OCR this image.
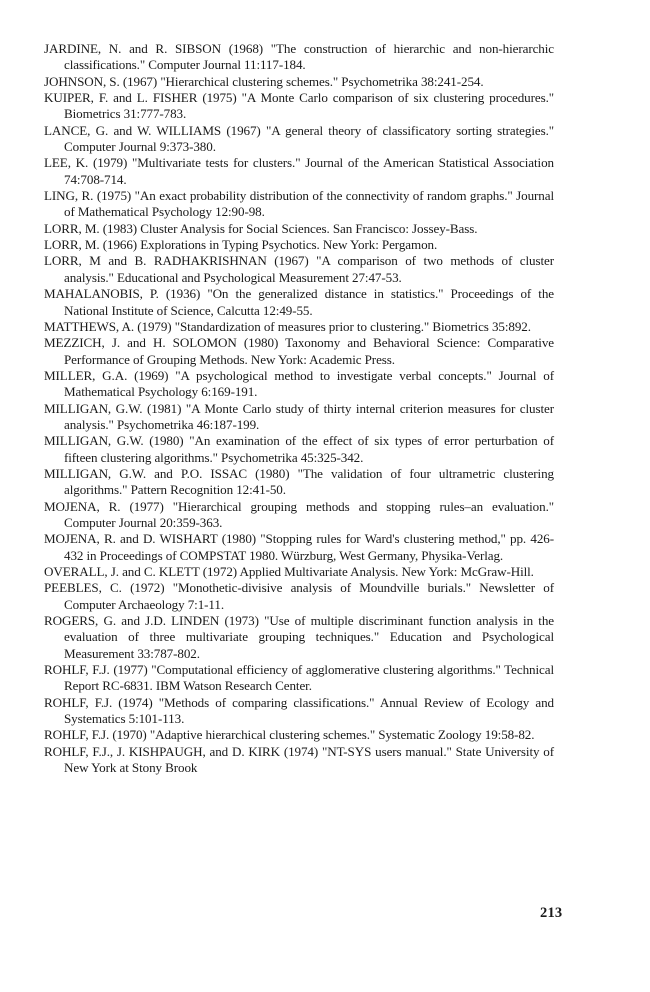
JARDINE, N. and R. SIBSON (1968) "The construction of hierarchic and non-hierarchic classifications." Computer Journal 11:117-184.
JOHNSON, S. (1967) "Hierarchical clustering schemes." Psychometrika 38:241-254.
KUIPER, F. and L. FISHER (1975) "A Monte Carlo comparison of six clustering procedures." Biometrics 31:777-783.
LANCE, G. and W. WILLIAMS (1967) "A general theory of classificatory sorting strategies." Computer Journal 9:373-380.
LEE, K. (1979) "Multivariate tests for clusters." Journal of the American Statistical Association 74:708-714.
LING, R. (1975) "An exact probability distribution of the connectivity of random graphs." Journal of Mathematical Psychology 12:90-98.
LORR, M. (1983) Cluster Analysis for Social Sciences. San Francisco: Jossey-Bass.
LORR, M. (1966) Explorations in Typing Psychotics. New York: Pergamon.
LORR, M and B. RADHAKRISHNAN (1967) "A comparison of two methods of cluster analysis." Educational and Psychological Measurement 27:47-53.
MAHALANOBIS, P. (1936) "On the generalized distance in statistics." Proceedings of the National Institute of Science, Calcutta 12:49-55.
MATTHEWS, A. (1979) "Standardization of measures prior to clustering." Biometrics 35:892.
MEZZICH, J. and H. SOLOMON (1980) Taxonomy and Behavioral Science: Comparative Performance of Grouping Methods. New York: Academic Press.
MILLER, G.A. (1969) "A psychological method to investigate verbal concepts." Journal of Mathematical Psychology 6:169-191.
MILLIGAN, G.W. (1981) "A Monte Carlo study of thirty internal criterion measures for cluster analysis." Psychometrika 46:187-199.
MILLIGAN, G.W. (1980) "An examination of the effect of six types of error perturbation of fifteen clustering algorithms." Psychometrika 45:325-342.
MILLIGAN, G.W. and P.O. ISSAC (1980) "The validation of four ultrametric clustering algorithms." Pattern Recognition 12:41-50.
MOJENA, R. (1977) "Hierarchical grouping methods and stopping rules–an evaluation." Computer Journal 20:359-363.
MOJENA, R. and D. WISHART (1980) "Stopping rules for Ward's clustering method," pp. 426-432 in Proceedings of COMPSTAT 1980. Würzburg, West Germany, Physika-Verlag.
OVERALL, J. and C. KLETT (1972) Applied Multivariate Analysis. New York: McGraw-Hill.
PEEBLES, C. (1972) "Monothetic-divisive analysis of Moundville burials." Newsletter of Computer Archaeology 7:1-11.
ROGERS, G. and J.D. LINDEN (1973) "Use of multiple discriminant function analysis in the evaluation of three multivariate grouping techniques." Education and Psychological Measurement 33:787-802.
ROHLF, F.J. (1977) "Computational efficiency of agglomerative clustering algorithms." Technical Report RC-6831. IBM Watson Research Center.
ROHLF, F.J. (1974) "Methods of comparing classifications." Annual Review of Ecology and Systematics 5:101-113.
ROHLF, F.J. (1970) "Adaptive hierarchical clustering schemes." Systematic Zoology 19:58-82.
ROHLF, F.J., J. KISHPAUGH, and D. KIRK (1974) "NT-SYS users manual." State University of New York at Stony Brook
213
